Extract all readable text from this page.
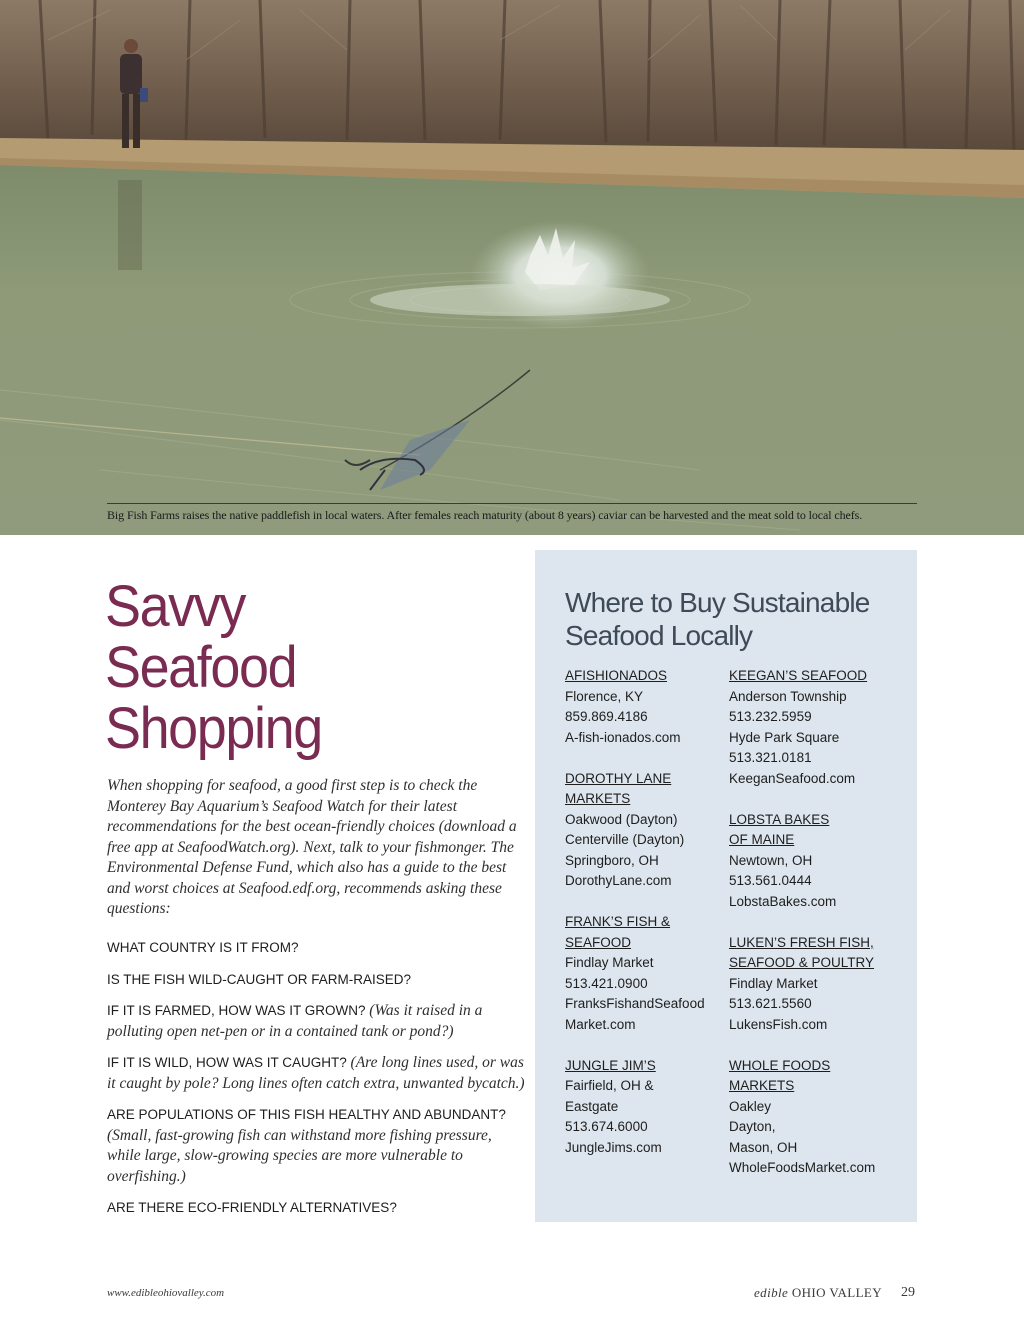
Big Fish Farms raises the native paddlefish in local waters. After females reach maturity (about 8 years) caviar can be harvested and the meat sold to local chefs.
Savvy
Seafood
Shopping

When shopping for seafood, a good first step is to check the Monterey Bay Aquarium’s Seafood Watch for their latest recommendations for the best ocean-friendly choices (download a free app at SeafoodWatch.org). Next, talk to your fishmonger. The Environmental Defense Fund, which also has a guide to the best and worst choices at Seafood.edf.org, recommends asking these questions:

WHAT COUNTRY IS IT FROM?

IS THE FISH WILD-CAUGHT OR FARM-RAISED?

IF IT IS FARMED, HOW WAS IT GROWN? (Was it raised in a polluting open net-pen or in a contained tank or pond?)

IF IT IS WILD, HOW WAS IT CAUGHT? (Are long lines used, or was it caught by pole? Long lines often catch extra, unwanted bycatch.)

ARE POPULATIONS OF THIS FISH HEALTHY AND ABUNDANT?
(Small, fast-growing fish can withstand more fishing pressure, while large, slow-growing species are more vulnerable to overfishing.)

ARE THERE ECO-FRIENDLY ALTERNATIVES?

Where to Buy Sustainable Seafood Locally
AFISHIONADOS
Florence, KY
859.869.4186
A-fish-ionados.com
DOROTHY LANE
MARKETS
Oakwood (Dayton)
Centerville (Dayton)
Springboro, OH
DorothyLane.com
FRANK’S FISH &
SEAFOOD
Findlay Market
513.421.0900
FranksFishandSeafood
Market.com
JUNGLE JIM’S
Fairfield, OH &
Eastgate
513.674.6000
JungleJims.com
KEEGAN’S SEAFOOD
Anderson Township
513.232.5959
Hyde Park Square
513.321.0181
KeeganSeafood.com
LOBSTA BAKES
OF MAINE
Newtown, OH
513.561.0444
LobstaBakes.com
LUKEN’S FRESH FISH,
SEAFOOD & POULTRY
Findlay Market
513.621.5560
LukensFish.com
WHOLE FOODS
MARKETS
Oakley
Dayton,
Mason, OH
WholeFoodsMarket.com
www.edibleohiovalley.com	edible OHIO VALLEY 29
